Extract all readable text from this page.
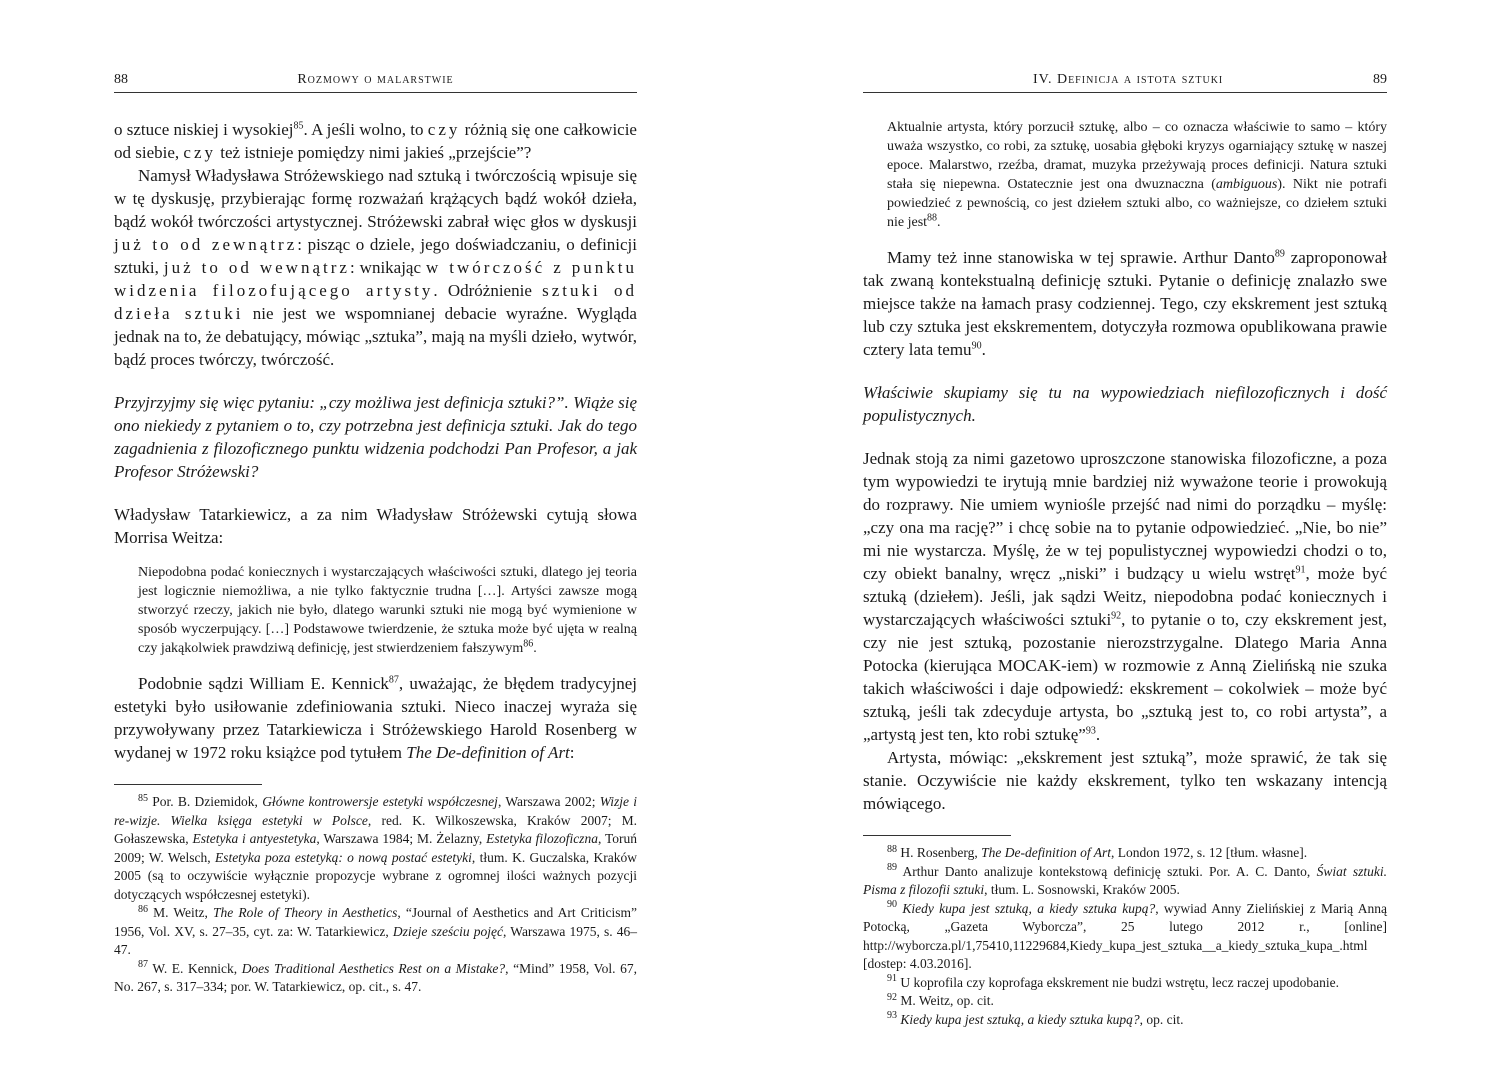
88	Rozmowy o malarstwie

o sztuce niskiej i wysokiej$^{85}$. A jeśli wolno, to czy różnią się one całkowicie od siebie, czy też istnieje pomiędzy nimi jakieś „przejście”?

Namysł Władysława Stróżewskiego nad sztuką i twórczością wpisuje się w tę dyskusję, przybierając formę rozważań krążących bądź wokół dzieła, bądź wokół twórczości artystycznej. Stróżewski zabrał więc głos w dyskusji już to od zewnątrz: pisząc o dziele, jego doświadczaniu, o definicji sztuki, już to od wewnątrz: wnikając w twórczość z punktu widzenia filozofującego artysty. Odróżnienie sztuki od dzieła sztuki nie jest we wspomnianej debacie wyraźne. Wygląda jednak na to, że debatujący, mówiąc „sztuka”, mają na myśli dzieło, wytwór, bądź proces twórczy, twórczość.

Przyjrzyjmy się więc pytaniu: „czy możliwa jest definicja sztuki?”. Wiąże się ono niekiedy z pytaniem o to, czy potrzebna jest definicja sztuki. Jak do tego zagadnienia z filozoficznego punktu widzenia podchodzi Pan Profesor, a jak Profesor Stróżewski?

Władysław Tatarkiewicz, a za nim Władysław Stróżewski cytują słowa Morrisa Weitza:

Niepodobna podać koniecznych i wystarczających właściwości sztuki, dlatego jej teoria jest logicznie niemożliwa, a nie tylko faktycznie trudna […]. Artyści zawsze mogą stworzyć rzeczy, jakich nie było, dlatego warunki sztuki nie mogą być wymienione w sposób wyczerpujący. […] Podstawowe twierdzenie, że sztuka może być ujęta w realną czy jakąkolwiek prawdziwą definicję, jest stwierdzeniem fałszywym$^{86}$.

Podobnie sądzi William E. Kennick$^{87}$, uważając, że błędem tradycyjnej estetyki było usiłowanie zdefiniowania sztuki. Nieco inaczej wyraża się przywoływany przez Tatarkiewicza i Stróżewskiego Harold Rosenberg w wydanej w 1972 roku książce pod tytułem The De-definition of Art:

$^{85}$ Por. B. Dziemidok, Główne kontrowersje estetyki współczesnej, Warszawa 2002; Wizje i re-wizje. Wielka księga estetyki w Polsce, red. K. Wilkoszewska, Kraków 2007; M. Gołaszewska, Estetyka i antyestetyka, Warszawa 1984; M. Żelazny, Estetyka filozoficzna, Toruń 2009; W. Welsch, Estetyka poza estetyką: o nową postać estetyki, tłum. K. Guczalska, Kraków 2005 (są to oczywiście wyłącznie propozycje wybrane z ogromnej ilości ważnych pozycji dotyczących współczesnej estetyki).

$^{86}$ M. Weitz, The Role of Theory in Aesthetics, “Journal of Aesthetics and Art Criticism” 1956, Vol. XV, s. 27–35, cyt. za: W. Tatarkiewicz, Dzieje sześciu pojęć, Warszawa 1975, s. 46–47.

$^{87}$ W. E. Kennick, Does Traditional Aesthetics Rest on a Mistake?, “Mind” 1958, Vol. 67, No. 267, s. 317–334; por. W. Tatarkiewicz, op. cit., s. 47.

IV. Definicja a istota sztuki	89

Aktualnie artysta, który porzucił sztukę, albo – co oznacza właściwie to samo – który uważa wszystko, co robi, za sztukę, uosabia głęboki kryzys ogarniający sztukę w naszej epoce. Malarstwo, rzeźba, dramat, muzyka przeżywają proces definicji. Natura sztuki stała się niepewna. Ostatecznie jest ona dwuznaczna (ambiguous). Nikt nie potrafi powiedzieć z pewnością, co jest dziełem sztuki albo, co ważniejsze, co dziełem sztuki nie jest$^{88}$.

Mamy też inne stanowiska w tej sprawie. Arthur Danto$^{89}$ zaproponował tak zwaną kontekstualną definicję sztuki. Pytanie o definicję znalazło swe miejsce także na łamach prasy codziennej. Tego, czy ekskrement jest sztuką lub czy sztuka jest ekskrementem, dotyczyła rozmowa opublikowana prawie cztery lata temu$^{90}$.

Właściwie skupiamy się tu na wypowiedziach niefilozoficznych i dość populistycznych.

Jednak stoją za nimi gazetowo uproszczone stanowiska filozoficzne, a poza tym wypowiedzi te irytują mnie bardziej niż wyważone teorie i prowokują do rozprawy. Nie umiem wyniośle przejść nad nimi do porządku – myślę: „czy ona ma rację?” i chcę sobie na to pytanie odpowiedzieć. „Nie, bo nie” mi nie wystarcza. Myślę, że w tej populistycznej wypowiedzi chodzi o to, czy obiekt banalny, wręcz „niski” i budzący u wielu wstręt$^{91}$, może być sztuką (dziełem). Jeśli, jak sądzi Weitz, niepodobna podać koniecznych i wystarczających właściwości sztuki$^{92}$, to pytanie o to, czy ekskrement jest, czy nie jest sztuką, pozostanie nierozstrzygalne. Dlatego Maria Anna Potocka (kierująca MOCAK-iem) w rozmowie z Anną Zielińską nie szuka takich właściwości i daje odpowiedź: ekskrement – cokolwiek – może być sztuką, jeśli tak zdecyduje artysta, bo „sztuką jest to, co robi artysta”, a „artystą jest ten, kto robi sztukę”$^{93}$.

Artysta, mówiąc: „ekskrement jest sztuką”, może sprawić, że tak się stanie. Oczywiście nie każdy ekskrement, tylko ten wskazany intencją mówiącego.

$^{88}$ H. Rosenberg, The De-definition of Art, London 1972, s. 12 [tłum. własne].

$^{89}$ Arthur Danto analizuje kontekstową definicję sztuki. Por. A. C. Danto, Świat sztuki. Pisma z filozofii sztuki, tłum. L. Sosnowski, Kraków 2005.

$^{90}$ Kiedy kupa jest sztuką, a kiedy sztuka kupą?, wywiad Anny Zielińskiej z Marią Anną Potocką, „Gazeta Wyborcza”, 25 lutego 2012 r., [online] http://wyborcza.pl/1,75410,11229684,Kiedy_kupa_jest_sztuka__a_kiedy_sztuka_kupa_.html [dostep: 4.03.2016].

$^{91}$ U koprofila czy koprofaga ekskrement nie budzi wstrętu, lecz raczej upodobanie.

$^{92}$ M. Weitz, op. cit.

$^{93}$ Kiedy kupa jest sztuką, a kiedy sztuka kupą?, op. cit.
